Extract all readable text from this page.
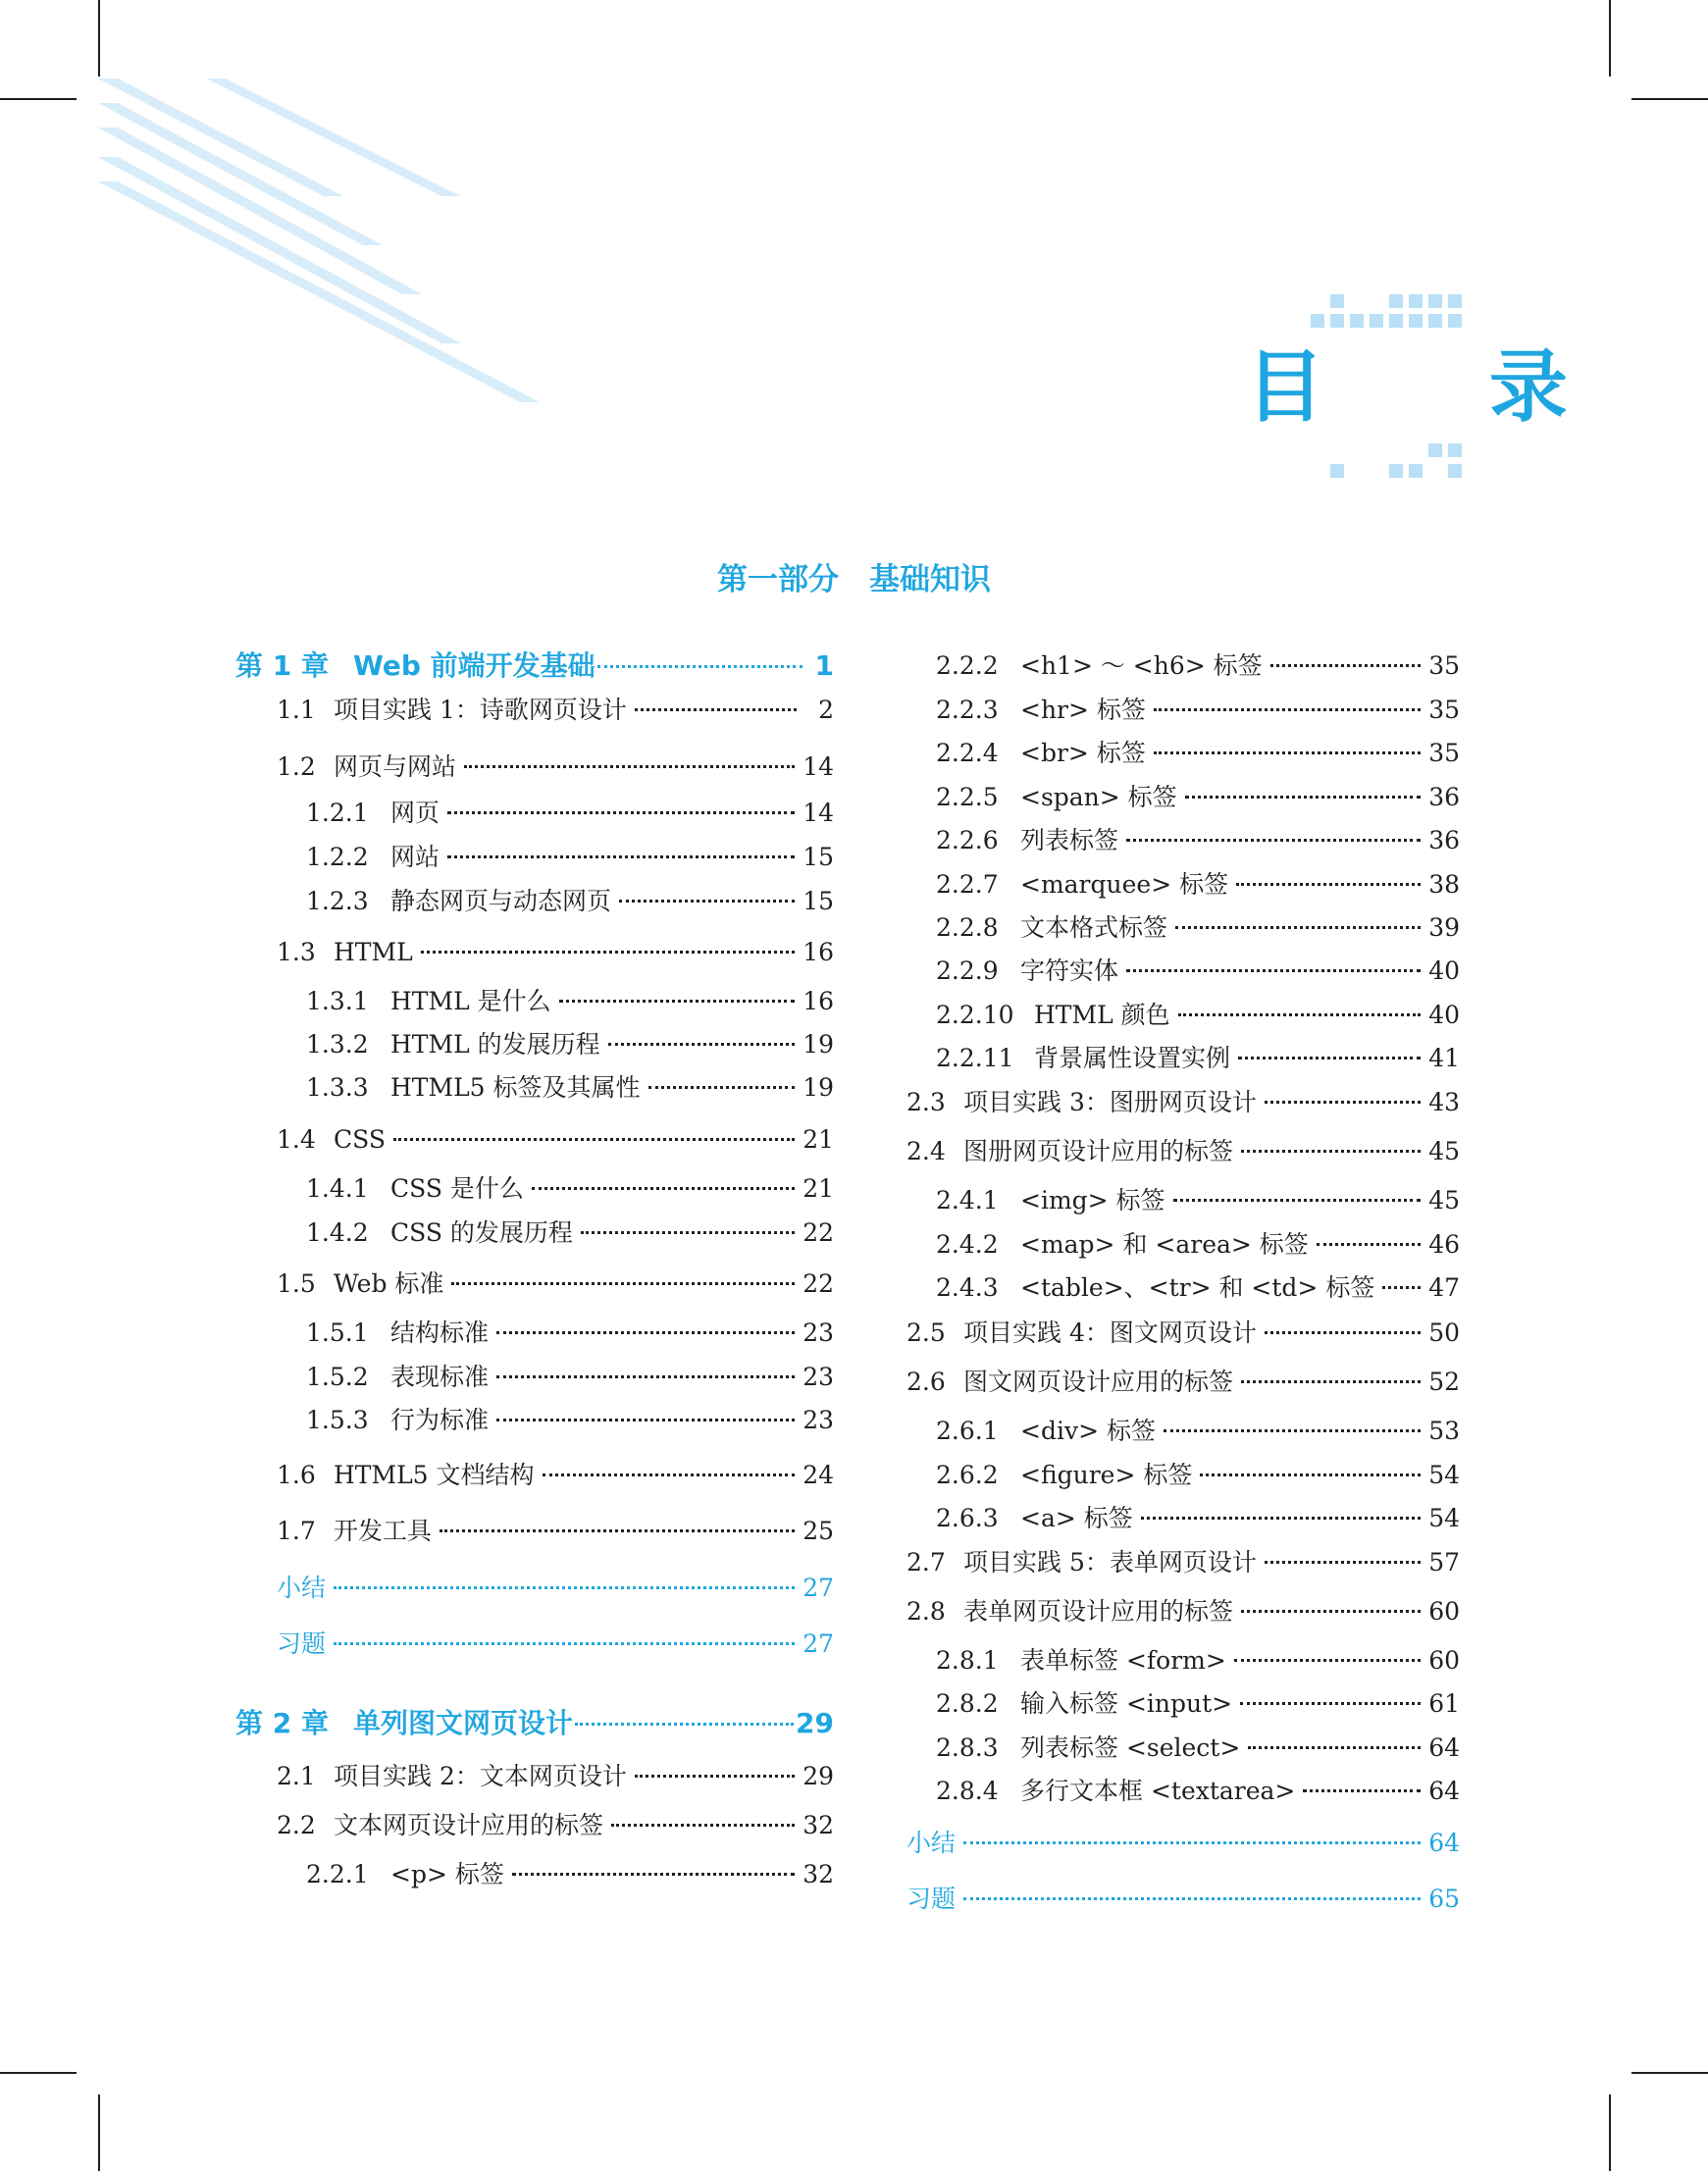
目 录
第一部分　基础知识
第 1 章 Web 前端开发基础	1
1.1 项目实践 1：诗歌网页设计	2
1.2 网页与网站	14
1.2.1 网页	14
1.2.2 网站	15
1.2.3 静态网页与动态网页	15
1.3 HTML	16
1.3.1 HTML 是什么	16
1.3.2 HTML 的发展历程	19
1.3.3 HTML5 标签及其属性	19
1.4 CSS	21
1.4.1 CSS 是什么	21
1.4.2 CSS 的发展历程	22
1.5 Web 标准	22
1.5.1 结构标准	23
1.5.2 表现标准	23
1.5.3 行为标准	23
1.6 HTML5 文档结构	24
1.7 开发工具	25
小结	27
习题	27
第 2 章 单列图文网页设计	29
2.1 项目实践 2：文本网页设计	29
2.2 文本网页设计应用的标签	32
2.2.1 <p> 标签	32
2.2.2 <h1> ～ <h6> 标签	35
2.2.3 <hr> 标签	35
2.2.4 <br> 标签	35
2.2.5 <span> 标签	36
2.2.6 列表标签	36
2.2.7 <marquee> 标签	38
2.2.8 文本格式标签	39
2.2.9 字符实体	40
2.2.10 HTML 颜色	40
2.2.11 背景属性设置实例	41
2.3 项目实践 3：图册网页设计	43
2.4 图册网页设计应用的标签	45
2.4.1 <img> 标签	45
2.4.2 <map> 和 <area> 标签	46
2.4.3 <table>、<tr> 和 <td> 标签 47
2.5 项目实践 4：图文网页设计	50
2.6 图文网页设计应用的标签	52
2.6.1 <div> 标签	53
2.6.2 <figure> 标签	54
2.6.3 <a> 标签	54
2.7 项目实践 5：表单网页设计	57
2.8 表单网页设计应用的标签	60
2.8.1 表单标签 <form>	60
2.8.2 输入标签 <input>	61
2.8.3 列表标签 <select>	64
2.8.4 多行文本框 <textarea>	64
小结	64
习题	65
